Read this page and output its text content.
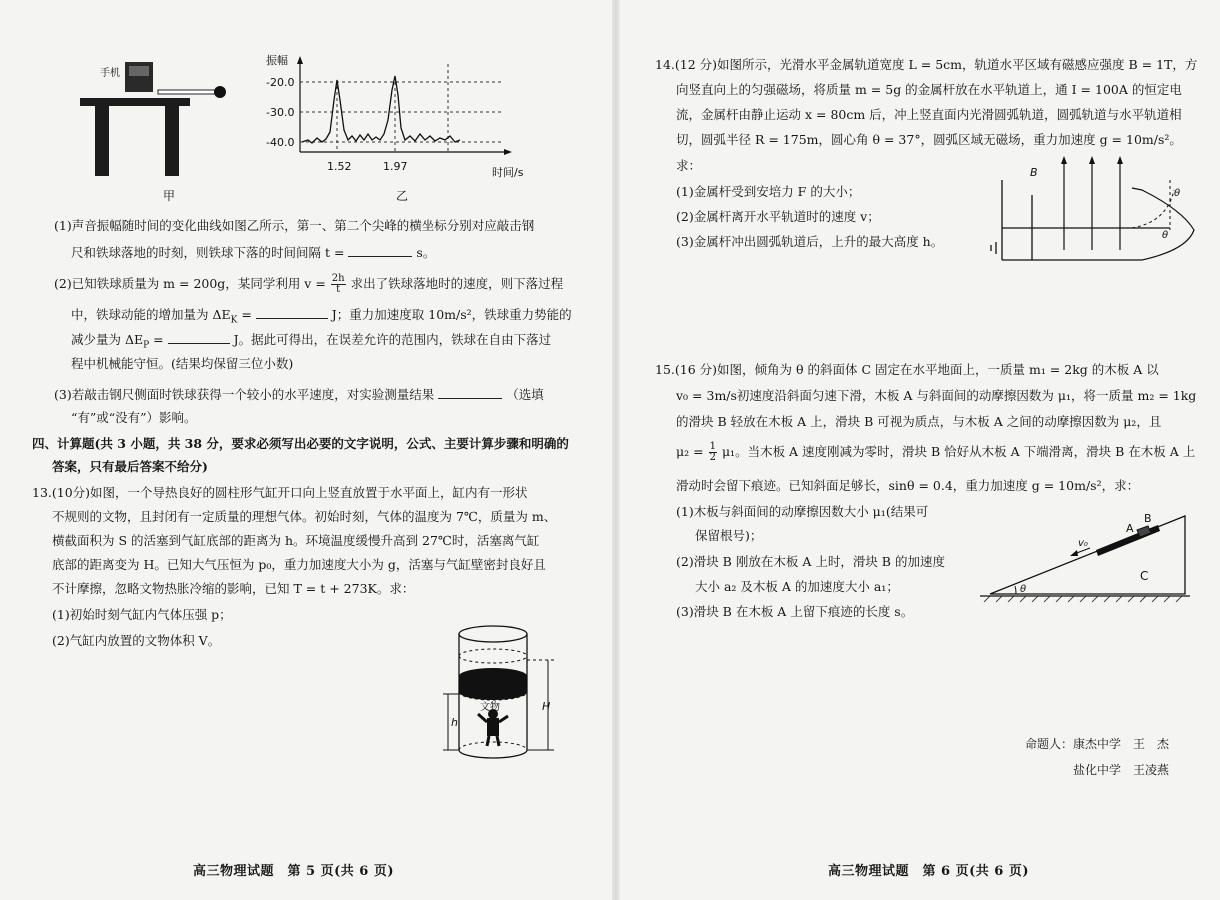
手机
甲
振幅
-20.0
-30.0
-40.0
1.52	1.97	时间/s
乙
(1)声音振幅随时间的变化曲线如图乙所示，第一、第二个尖峰的横坐标分别对应敲击钢
尺和铁球落地的时刻，则铁球下落的时间间隔 t =	s。
(2)已知铁球质量为 m = 200g，某同学利用 $v = \frac{2h}{t}$ 求出了铁球落地时的速度，则下落过程
中，铁球动能的增加量为 $\Delta E_K$ =	J；重力加速度取 10m/s²，铁球重力势能的
减少量为 $\Delta E_P$ =	J。据此可得出，在误差允许的范围内，铁球在自由下落过
程中机械能守恒。(结果均保留三位小数)
(3)若敲击钢尺侧面时铁球获得一个较小的水平速度，对实验测量结果	（选填
“有”或“没有”）影响。
四、计算题(共 3 小题，共 38 分，要求必须写出必要的文字说明，公式、主要计算步骤和明确的
答案，只有最后答案不给分)
13.(10分)如图，一个导热良好的圆柱形气缸开口向上竖直放置于水平面上，缸内有一形状
不规则的文物，且封闭有一定质量的理想气体。初始时刻，气体的温度为 7℃，质量为 m、
横截面积为 S 的活塞到气缸底部的距离为 h。环境温度缓慢升高到 27℃时，活塞离气缸
底部的距离变为 H。已知大气压恒为 p₀，重力加速度大小为 g，活塞与气缸壁密封良好且
不计摩擦，忽略文物热胀冷缩的影响，已知 T = t + 273K。求：
(1)初始时刻气缸内气体压强 p；
(2)气缸内放置的文物体积 V。
文物
h
H
高三物理试题　第 5 页(共 6 页)
14.(12 分)如图所示，光滑水平金属轨道宽度 L = 5cm，轨道水平区域有磁感应强度 B = 1T，方
向竖直向上的匀强磁场，将质量 m = 5g 的金属杆放在水平轨道上，通 I = 100A 的恒定电
流，金属杆由静止运动 x = 80cm 后，冲上竖直面内光滑圆弧轨道，圆弧轨道与水平轨道相
切，圆弧半径 R = 175m，圆心角 θ = 37°，圆弧区域无磁场，重力加速度 g = 10m/s²。
求：
(1)金属杆受到安培力 F 的大小；
(2)金属杆离开水平轨道时的速度 v；
(3)金属杆冲出圆弧轨道后，上升的最大高度 h。
B
θ
θ
15.(16 分)如图，倾角为 θ 的斜面体 C 固定在水平地面上，一质量 m₁ = 2kg 的木板 A 以
v₀ = 3m/s初速度沿斜面匀速下滑，木板 A 与斜面间的动摩擦因数为 μ₁，将一质量 m₂ = 1kg
的滑块 B 轻放在木板 A 上，滑块 B 可视为质点，与木板 A 之间的动摩擦因数为 μ₂，且
$\mu_2 = \frac{1}{2} \mu_1$。当木板 A 速度刚减为零时，滑块 B 恰好从木板 A 下端滑离，滑块 B 在木板 A 上
滑动时会留下痕迹。已知斜面足够长，sinθ = 0.4，重力加速度 g = 10m/s²，求：
(1)木板与斜面间的动摩擦因数大小 μ₁(结果可
保留根号)；
(2)滑块 B 刚放在木板 A 上时，滑块 B 的加速度
大小 a₂ 及木板 A 的加速度大小 a₁；
(3)滑块 B 在木板 A 上留下痕迹的长度 s。
A
B
C
v₀
θ
命题人：康杰中学　王　杰
盐化中学　王凌燕
高三物理试题　第 6 页(共 6 页)
